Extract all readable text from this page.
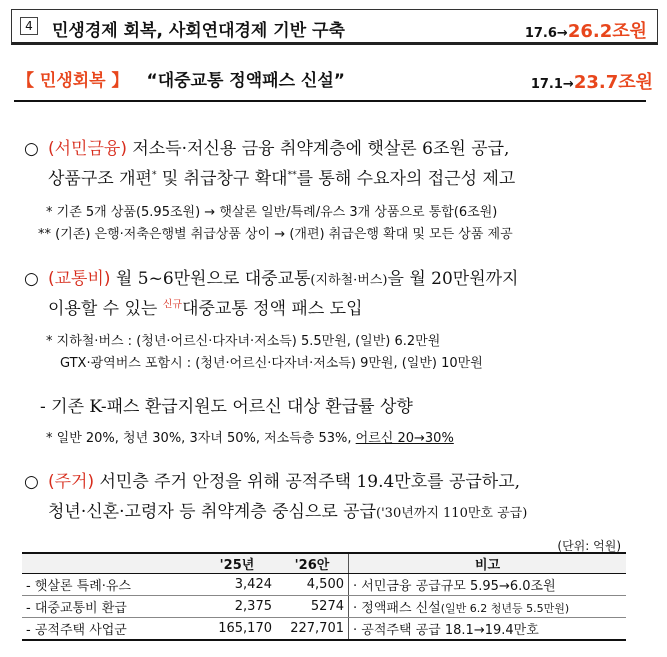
4	민생경제 회복, 사회연대경제 기반 구축	17.6→26.2조원
【 민생회복 】 “대중교통 정액패스 신설”	17.1→23.7조원
○ (서민금융) 저소득·저신용 금융 취약계층에 햇살론 6조원 공급,
상품구조 개편* 및 취급창구 확대**를 통해 수요자의 접근성 제고
* 기존 5개 상품(5.95조원) → 햇살론 일반/특례/유스 3개 상품으로 통합(6조원)
** (기존) 은행·저축은행별 취급상품 상이 → (개편) 취급은행 확대 및 모든 상품 제공
○ (교통비) 월 5~6만원으로 대중교통(지하철·버스)을 월 20만원까지
이용할 수 있는 $^{신규}$대중교통 정액 패스 도입
* 지하철·버스 : (청년·어르신·다자녀·저소득) 5.5만원, (일반) 6.2만원
GTX·광역버스 포함시 : (청년·어르신·다자녀·저소득) 9만원, (일반) 10만원
- 기존 K-패스 환급지원도 어르신 대상 환급률 상향
* 일반 20%, 청년 30%, 3자녀 50%, 저소득층 53%, 어르신 20→30%
○ (주거) 서민층 주거 안정을 위해 공적주택 19.4만호를 공급하고,
청년·신혼·고령자 등 취약계층 중심으로 공급('30년까지 110만호 공급)
(단위: 억원)
	'25년	'26안	비고
- 햇살론 특례·유스	3,424	4,500	· 서민금융 공급규모 5.95→6.0조원
- 대중교통비 환급	2,375	5274	· 정액패스 신설(일반 6.2 청년등 5.5만원)
- 공적주택 사업군	165,170	227,701	· 공적주택 공급 18.1→19.4만호
